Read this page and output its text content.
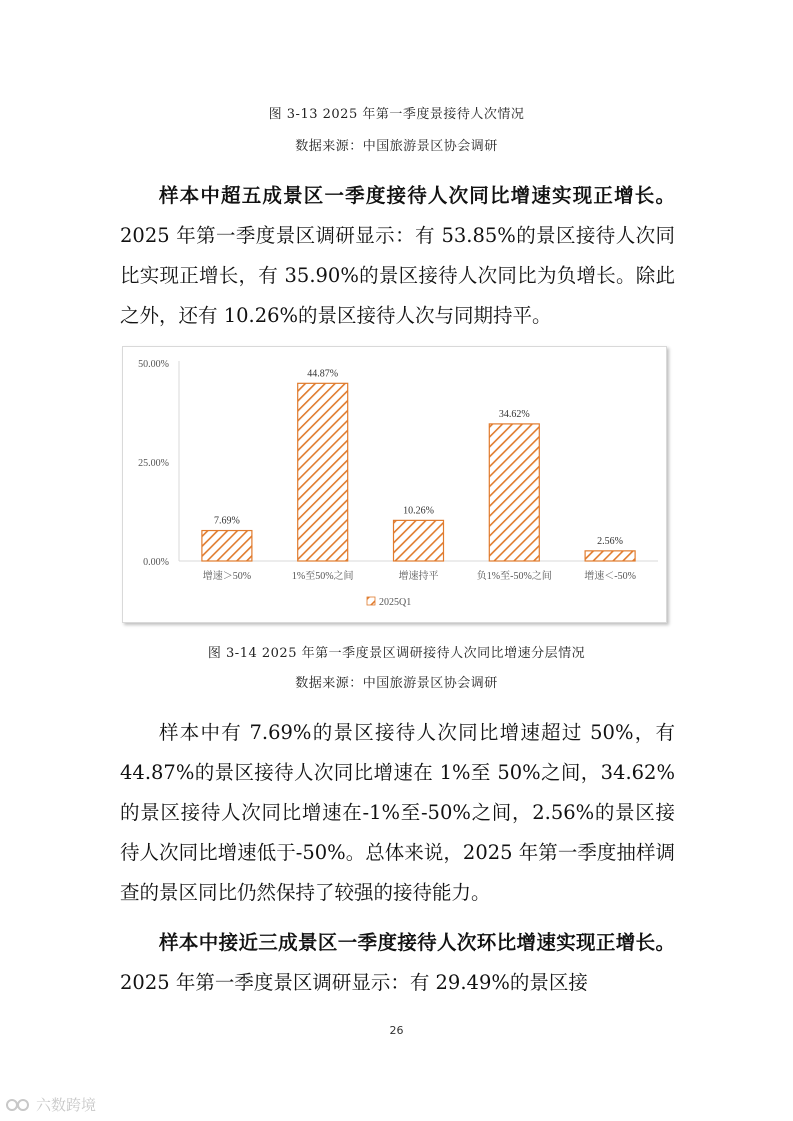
图 3-13 2025 年第一季度景接待人次情况
数据来源：中国旅游景区协会调研

样本中超五成景区一季度接待人次同比增速实现正增长。2025 年第一季度景区调研显示：有 53.85%的景区接待人次同比实现正增长，有 35.90%的景区接待人次同比为负增长。除此之外，还有 10.26%的景区接待人次与同期持平。

0.00%
25.00%
50.00%
7.69%
增速＞50%
44.87%
1%至50%之间
10.26%
增速持平
34.62%
负1%至-50%之间
2.56%
增速＜-50%
2025Q1
图 3-14 2025 年第一季度景区调研接待人次同比增速分层情况
数据来源：中国旅游景区协会调研

样本中有 7.69%的景区接待人次同比增速超过 50%，有 44.87%的景区接待人次同比增速在 1%至 50%之间，34.62%的景区接待人次同比增速在-1%至-50%之间，2.56%的景区接待人次同比增速低于-50%。总体来说，2025 年第一季度抽样调查的景区同比仍然保持了较强的接待能力。

样本中接近三成景区一季度接待人次环比增速实现正增长。2025 年第一季度景区调研显示：有 29.49%的景区接

26
六数跨境
